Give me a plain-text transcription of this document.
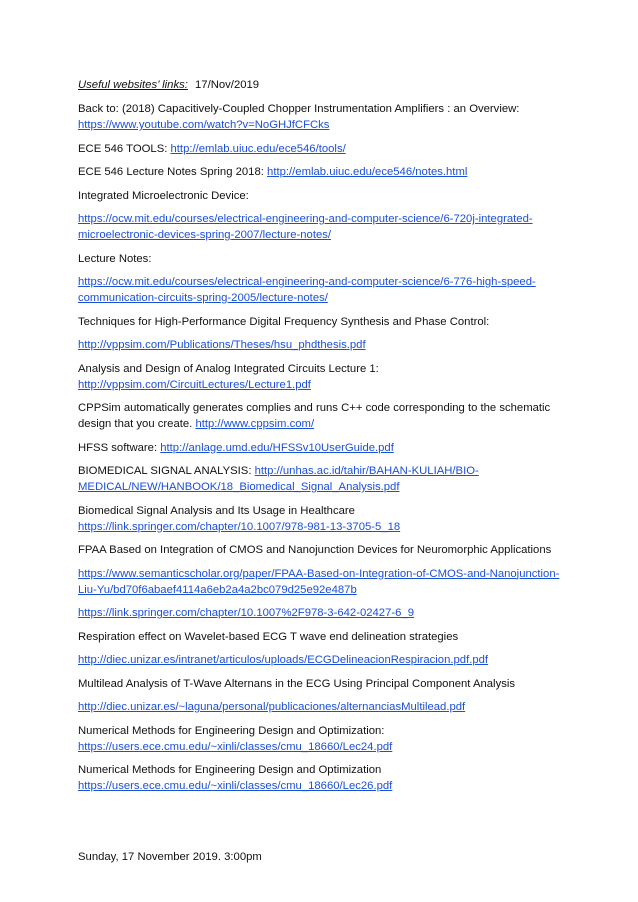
Useful websites’ links: 17/Nov/2019

Back to: (2018) Capacitively-Coupled Chopper Instrumentation Amplifiers : an Overview:

https://www.youtube.com/watch?v=NoGHJfCFCks

ECE 546 TOOLS: http://emlab.uiuc.edu/ece546/tools/

ECE 546 Lecture Notes Spring 2018: http://emlab.uiuc.edu/ece546/notes.html

Integrated Microelectronic Device:

https://ocw.mit.edu/courses/electrical-engineering-and-computer-science/6-720j-integrated-microelectronic-devices-spring-2007/lecture-notes/

Lecture Notes:

https://ocw.mit.edu/courses/electrical-engineering-and-computer-science/6-776-high-speed-communication-circuits-spring-2005/lecture-notes/

Techniques for High-Performance Digital Frequency Synthesis and Phase Control:

http://vppsim.com/Publications/Theses/hsu_phdthesis.pdf

Analysis and Design of Analog Integrated Circuits Lecture 1:

http://vppsim.com/CircuitLectures/Lecture1.pdf

CPPSim automatically generates complies and runs C++ code corresponding to the schematic design that you create. http://www.cppsim.com/

HFSS software: http://anlage.umd.edu/HFSSv10UserGuide.pdf

BIOMEDICAL SIGNAL ANALYSIS: http://unhas.ac.id/tahir/BAHAN-KULIAH/BIO-MEDICAL/NEW/HANBOOK/18_Biomedical_Signal_Analysis.pdf

Biomedical Signal Analysis and Its Usage in Healthcare

https://link.springer.com/chapter/10.1007/978-981-13-3705-5_18

FPAA Based on Integration of CMOS and Nanojunction Devices for Neuromorphic Applications

https://www.semanticscholar.org/paper/FPAA-Based-on-Integration-of-CMOS-and-Nanojunction-Liu-Yu/bd70f6abaef4114a6eb2a4a2bc079d25e92e487b

https://link.springer.com/chapter/10.1007%2F978-3-642-02427-6_9

Respiration effect on Wavelet-based ECG T wave end delineation strategies

http://diec.unizar.es/intranet/articulos/uploads/ECGDelineacionRespiracion.pdf.pdf

Multilead Analysis of T-Wave Alternans in the ECG Using Principal Component Analysis

http://diec.unizar.es/~laguna/personal/publicaciones/alternanciasMultilead.pdf

Numerical Methods for Engineering Design and Optimization:

https://users.ece.cmu.edu/~xinli/classes/cmu_18660/Lec24.pdf

Numerical Methods for Engineering Design and Optimization

https://users.ece.cmu.edu/~xinli/classes/cmu_18660/Lec26.pdf

Sunday, 17 November 2019. 3:00pm
